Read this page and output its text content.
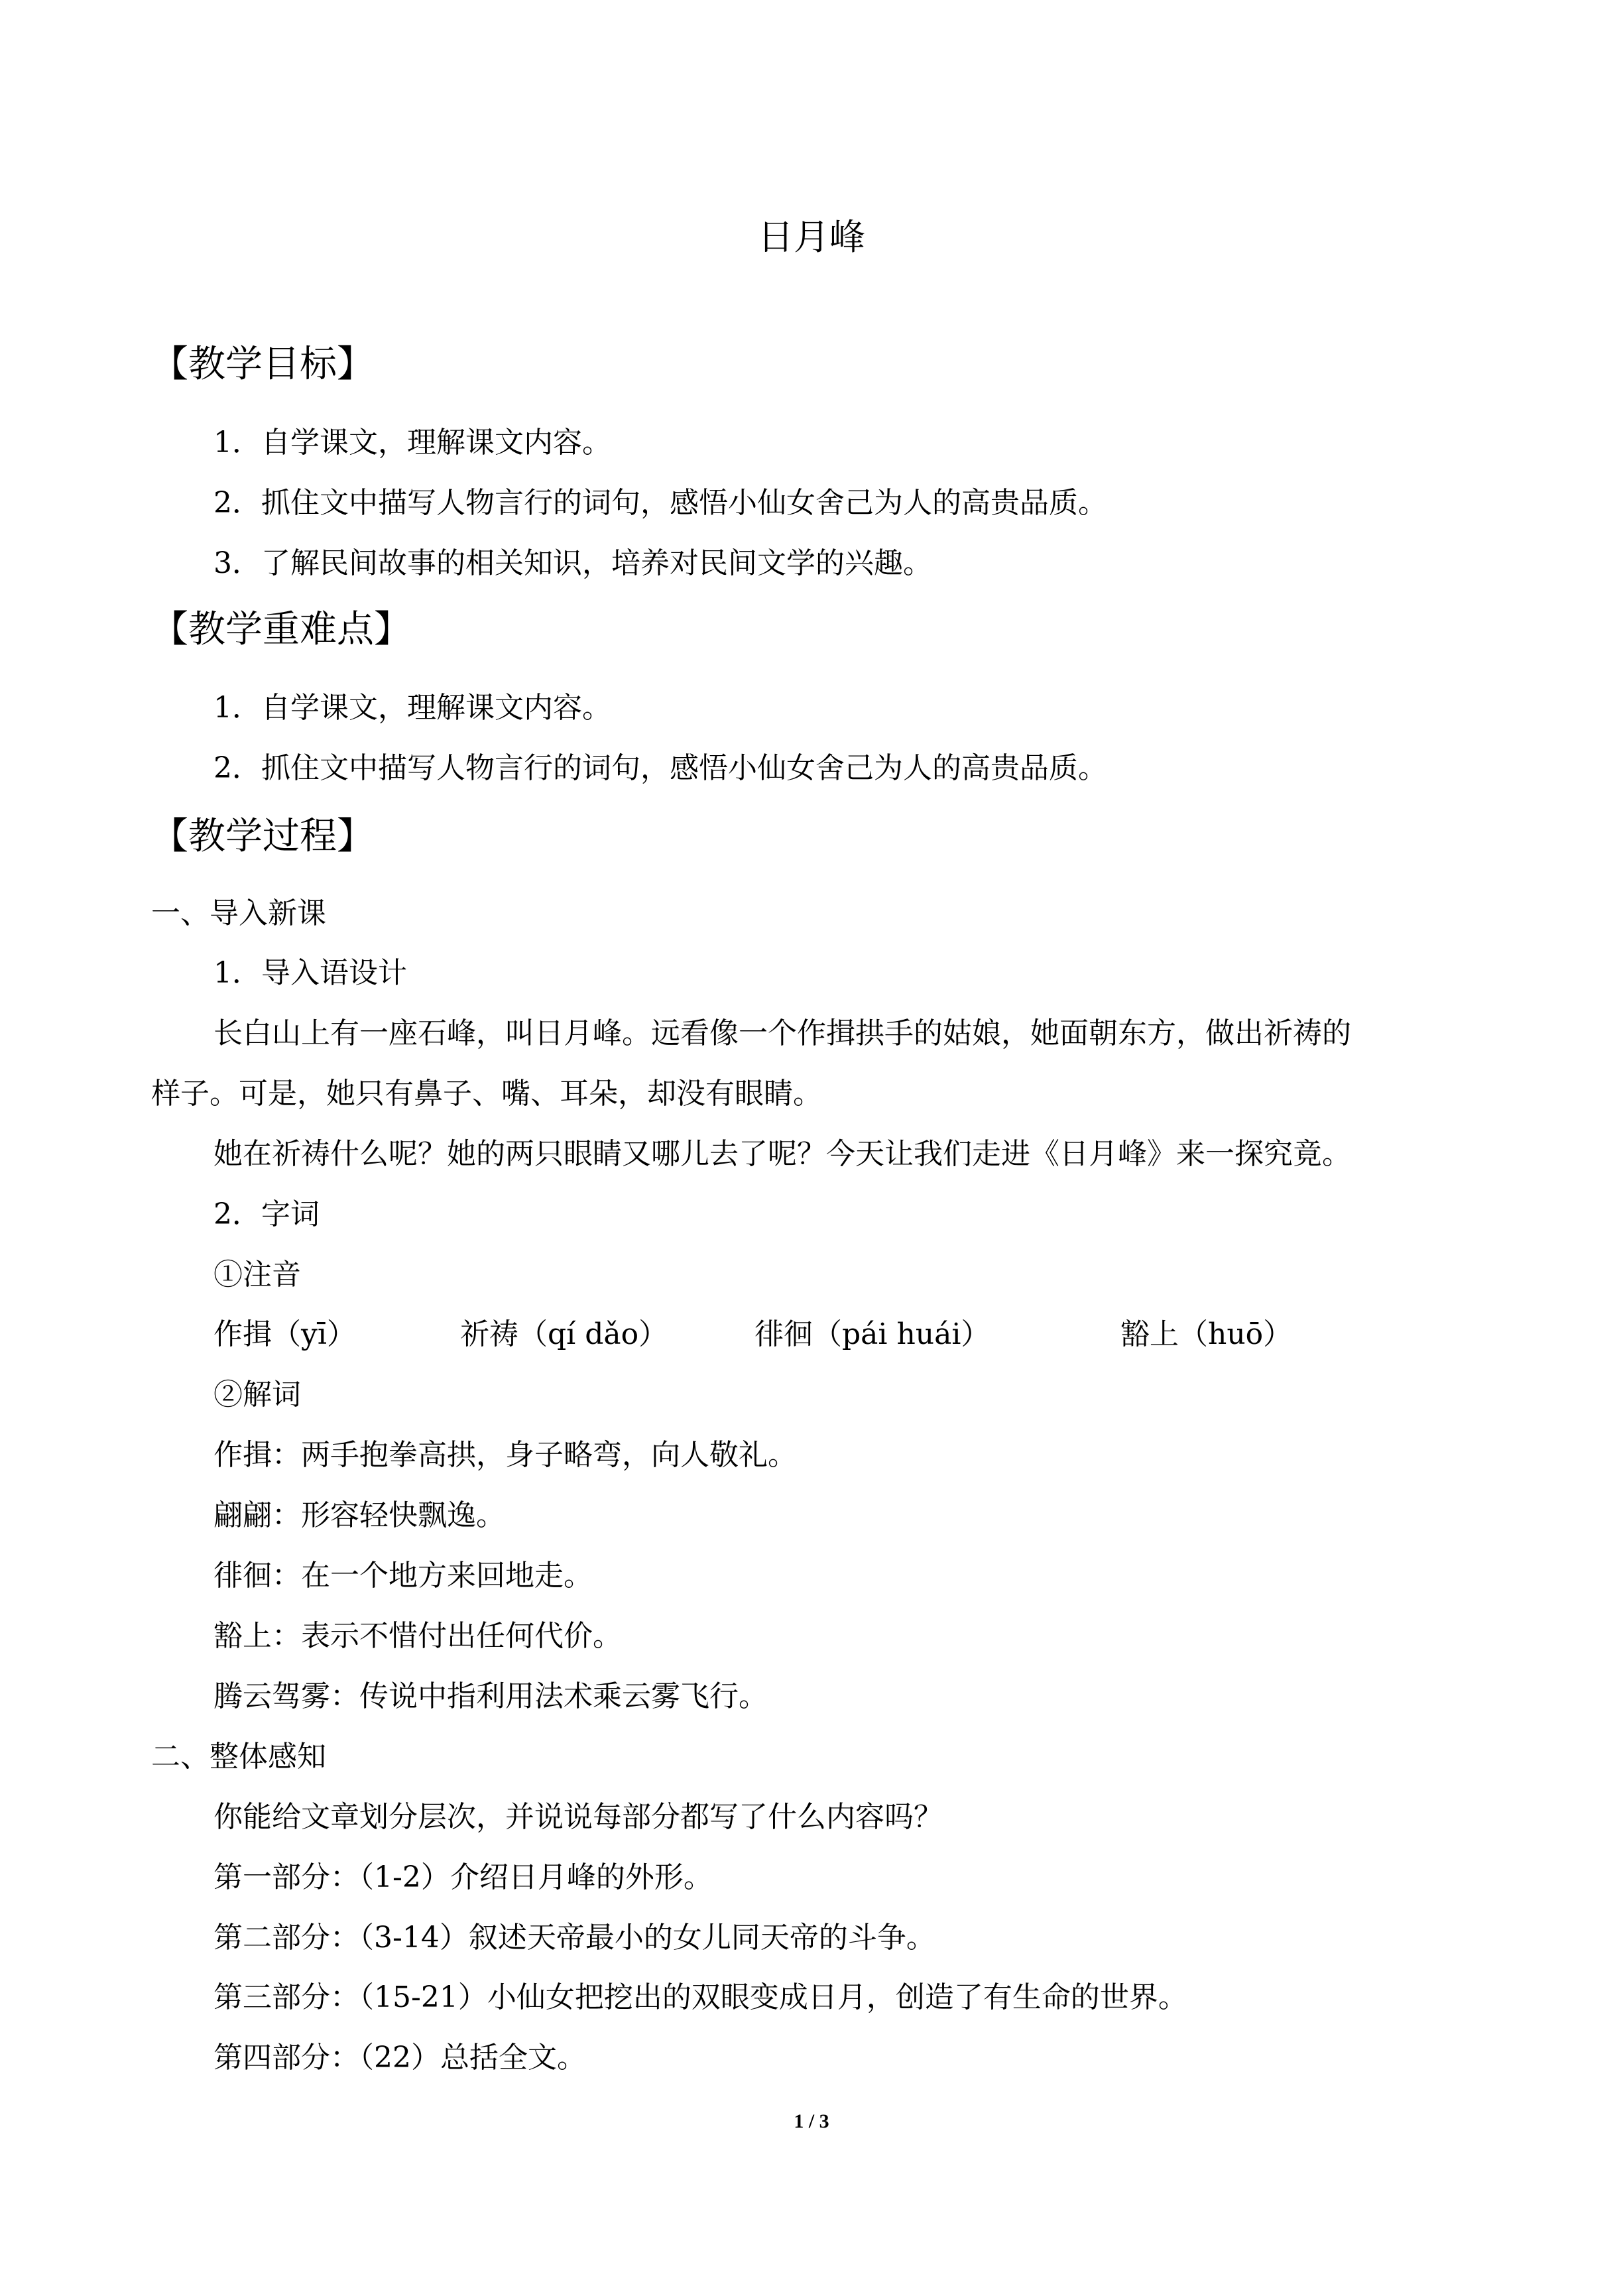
日月峰
【教学目标】
1．自学课文，理解课文内容。
2．抓住文中描写人物言行的词句，感悟小仙女舍己为人的高贵品质。
3．了解民间故事的相关知识，培养对民间文学的兴趣。
【教学重难点】
1．自学课文，理解课文内容。
2．抓住文中描写人物言行的词句，感悟小仙女舍己为人的高贵品质。
【教学过程】
一、导入新课
1．导入语设计
长白山上有一座石峰，叫日月峰。远看像一个作揖拱手的姑娘，她面朝东方，做出祈祷的
样子。可是，她只有鼻子、嘴、耳朵，却没有眼睛。
她在祈祷什么呢？她的两只眼睛又哪儿去了呢？今天让我们走进《日月峰》来一探究竟。
2．字词
①注音
作揖（yī）	祈祷（qí dǎo）	徘徊（pái huái）	豁上（huō）
②解词
作揖：两手抱拳高拱，身子略弯，向人敬礼。
翩翩：形容轻快飘逸。
徘徊：在一个地方来回地走。
豁上：表示不惜付出任何代价。
腾云驾雾：传说中指利用法术乘云雾飞行。
二、整体感知
你能给文章划分层次，并说说每部分都写了什么内容吗？
第一部分：（1-2）介绍日月峰的外形。
第二部分：（3-14）叙述天帝最小的女儿同天帝的斗争。
第三部分：（15-21）小仙女把挖出的双眼变成日月，创造了有生命的世界。
第四部分：（22）总括全文。
1 / 3
